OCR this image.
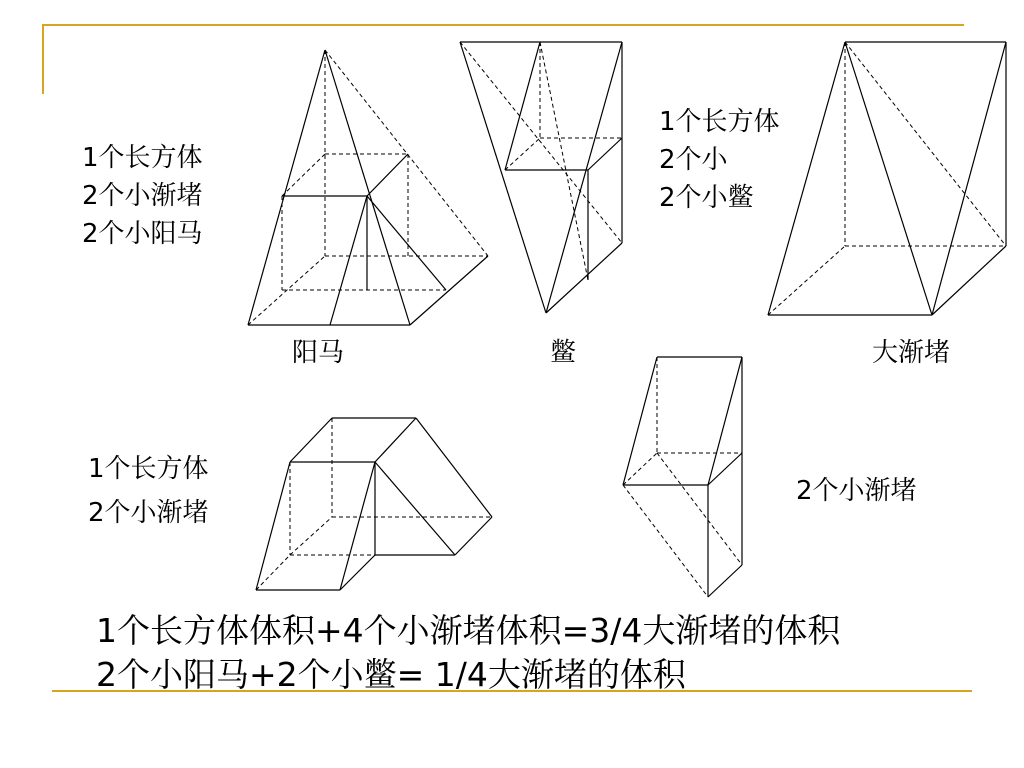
1个长方体
2个小渐堵
2个小阳马
阳马
1个长方体
2个小
2个小鳖
鳖	大渐堵
1个长方体
2个小渐堵
2个小渐堵
1个长方体体积+4个小渐堵体积=3/4大渐堵的体积
2个小阳马+2个小鳖= 1/4大渐堵的体积
